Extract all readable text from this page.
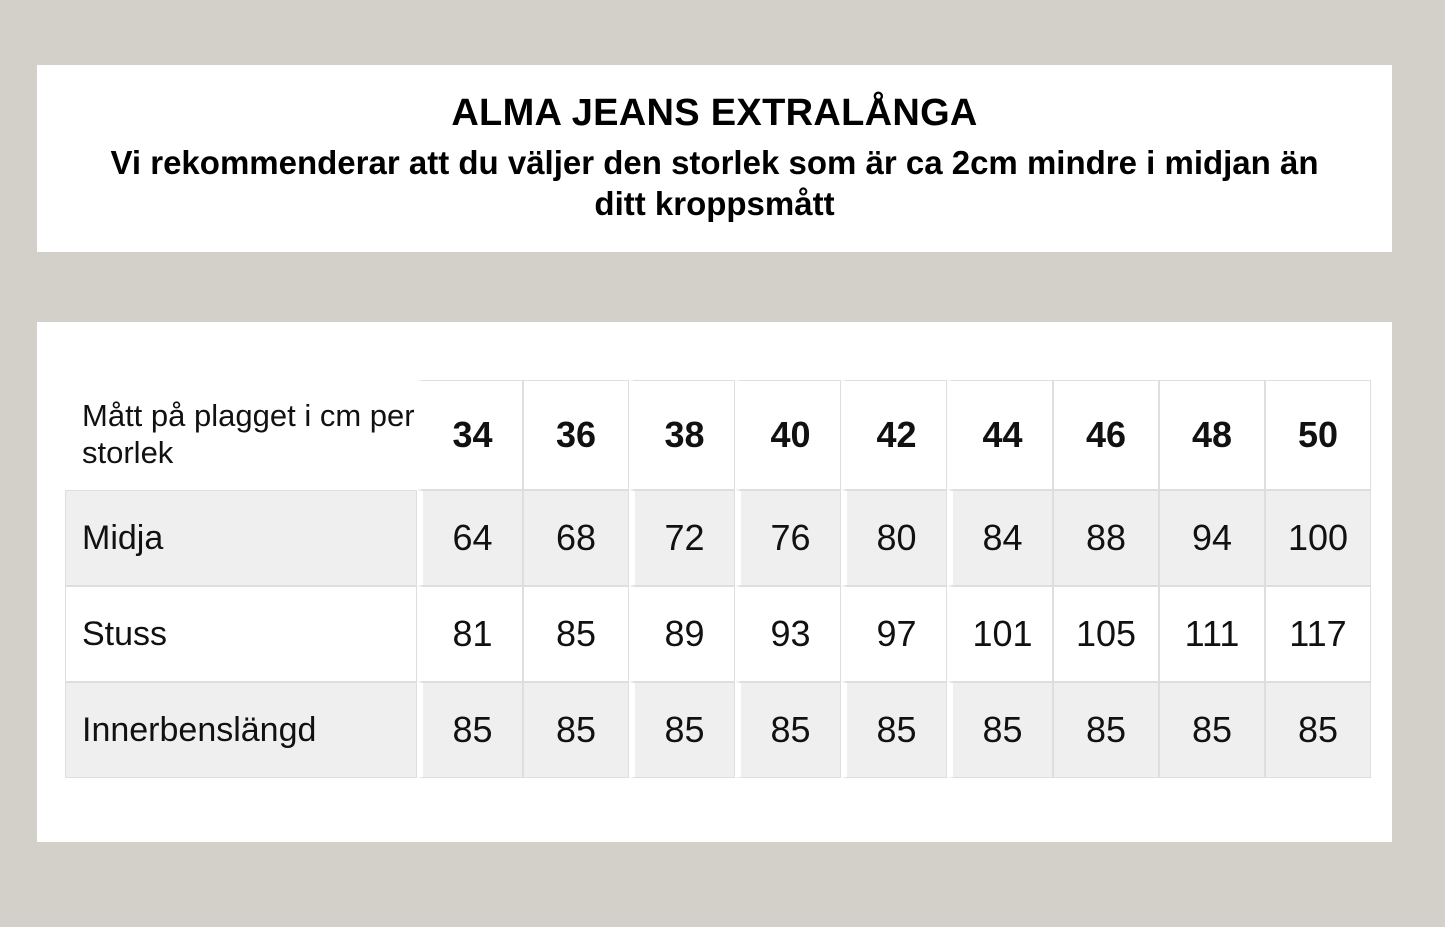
ALMA JEANS EXTRALÅNGA
Vi rekommenderar att du väljer den storlek som är ca 2cm mindre i midjan än ditt kroppsmått
Mått på plagget i cm per storlek	34	36	38	40	42	44	46	48	50
Midja	64	68	72	76	80	84	88	94	100
Stuss	81	85	89	93	97	101	105	111	117
Innerbenslängd	85	85	85	85	85	85	85	85	85
